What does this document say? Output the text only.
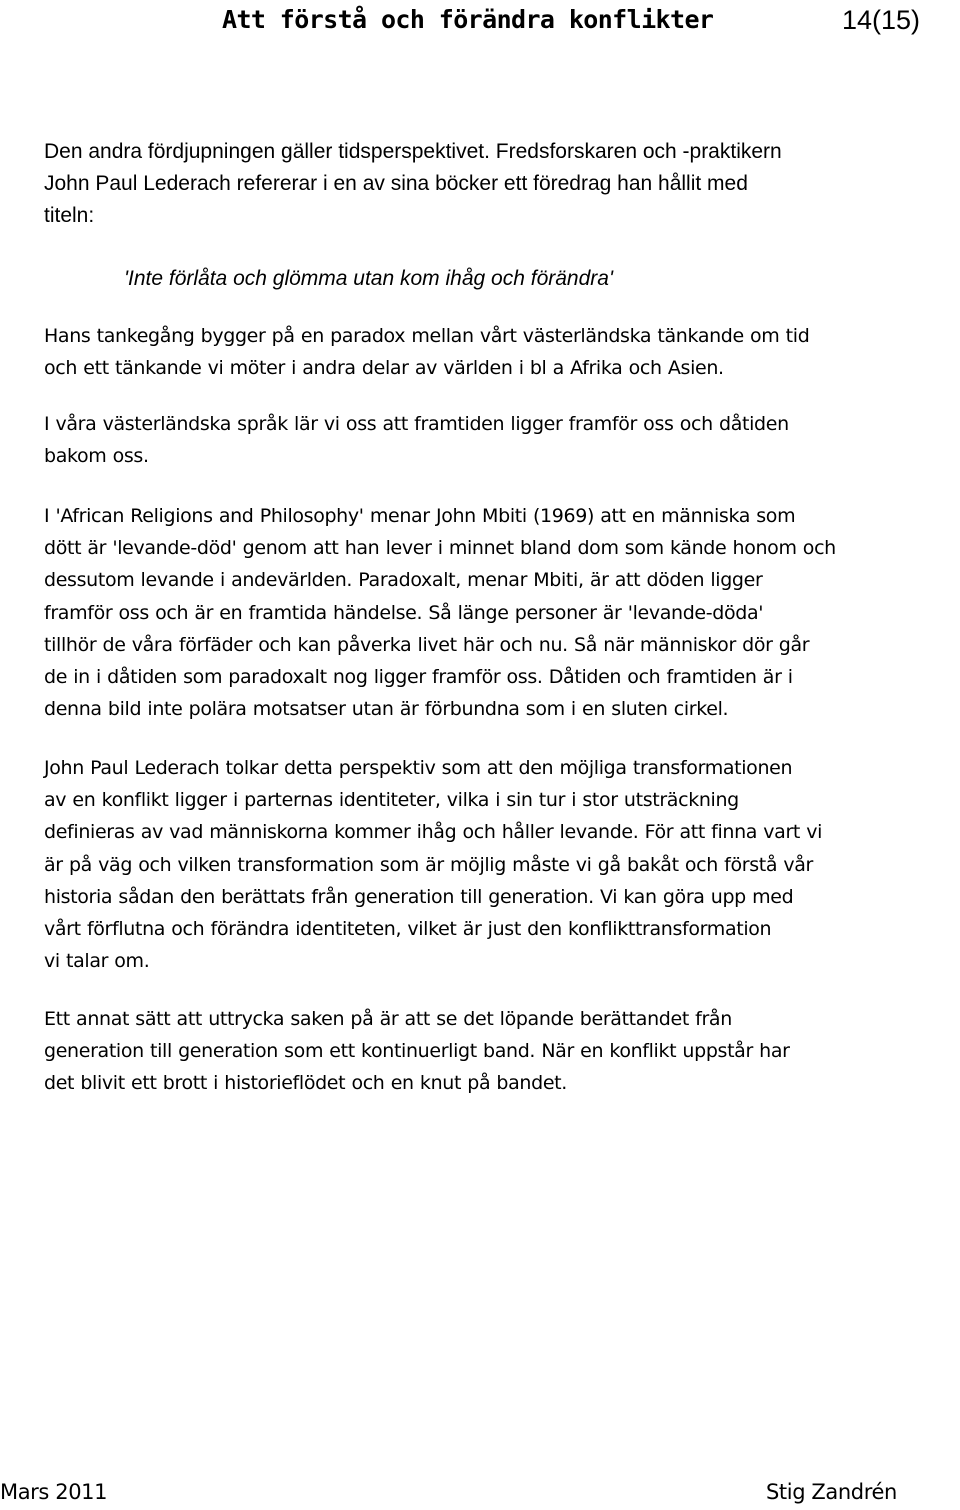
Att förstå och förändra konflikter	14(15)
Den andra fördjupningen gäller tidsperspektivet. Fredsforskaren och -praktikern
John Paul Lederach refererar i en av sina böcker ett föredrag han hållit med
titeln:
'Inte förlåta och glömma utan kom ihåg och förändra'
Hans tankegång bygger på en paradox mellan vårt västerländska tänkande om tid
och ett tänkande vi möter i andra delar av världen i bl a Afrika och Asien.
I våra västerländska språk lär vi oss att framtiden ligger framför oss och dåtiden
bakom oss.
I 'African Religions and Philosophy' menar John Mbiti (1969) att en människa som
dött är 'levande-död' genom att han lever i minnet bland dom som kände honom och
dessutom levande i andevärlden. Paradoxalt, menar Mbiti, är att döden ligger
framför oss och är en framtida händelse. Så länge personer är 'levande-döda'
tillhör de våra förfäder och kan påverka livet här och nu. Så när människor dör går
de in i dåtiden som paradoxalt nog ligger framför oss. Dåtiden och framtiden är i
denna bild inte polära motsatser utan är förbundna som i en sluten cirkel.
John Paul Lederach tolkar detta perspektiv som att den möjliga transformationen
av en konflikt ligger i parternas identiteter, vilka i sin tur i stor utsträckning
definieras av vad människorna kommer ihåg och håller levande. För att finna vart vi
är på väg och vilken transformation som är möjlig måste vi gå bakåt och förstå vår
historia sådan den berättats från generation till generation. Vi kan göra upp med
vårt förflutna och förändra identiteten, vilket är just den konflikttransformation
vi talar om.
Ett annat sätt att uttrycka saken på är att se det löpande berättandet från
generation till generation som ett kontinuerligt band. När en konflikt uppstår har
det blivit ett brott i historieflödet och en knut på bandet.
Mars 2011	Stig Zandrén
